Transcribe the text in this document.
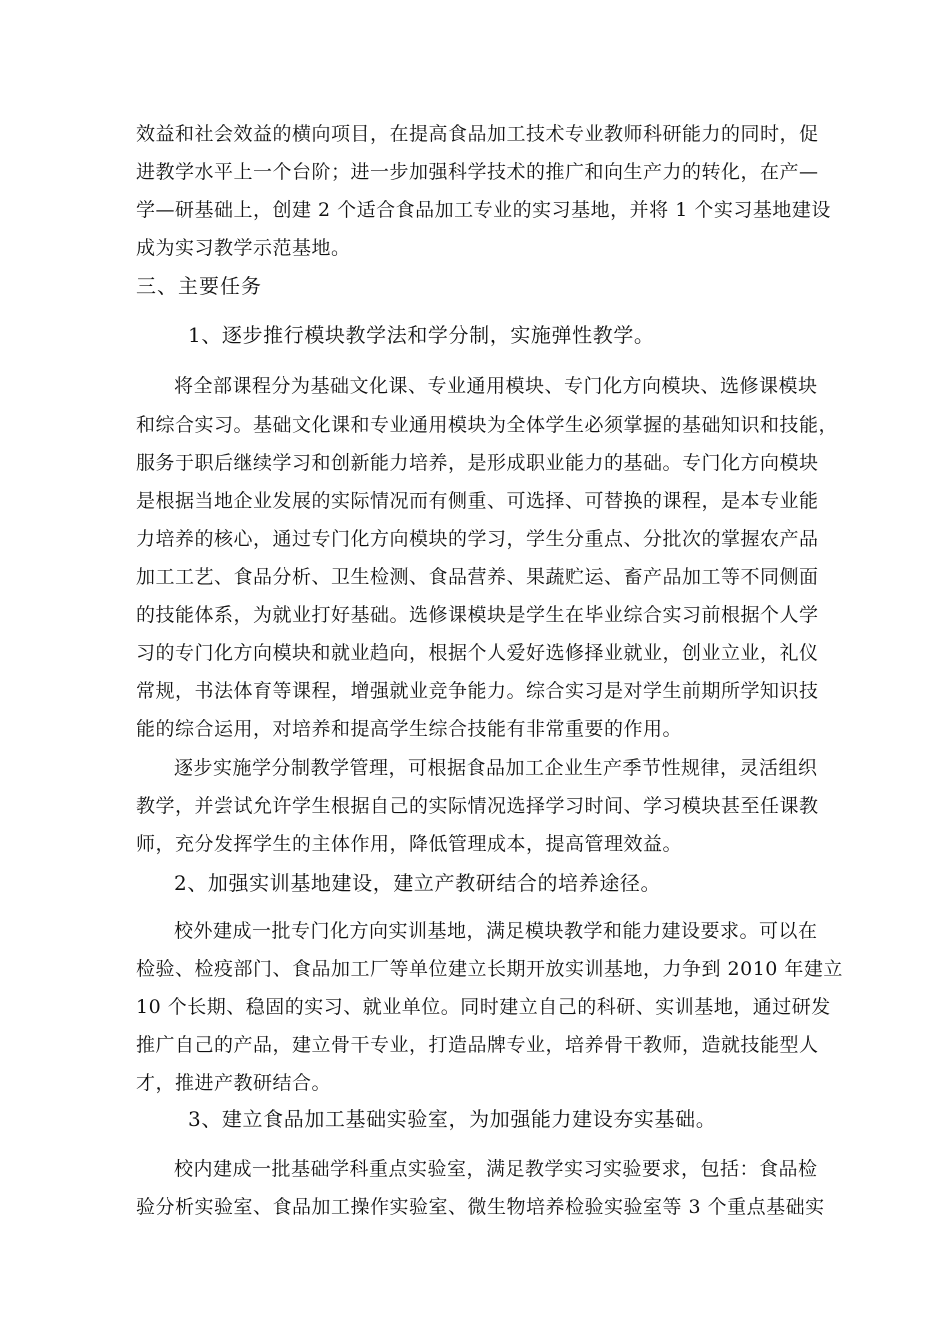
效益和社会效益的横向项目，在提高食品加工技术专业教师科研能力的同时，促
进教学水平上一个台阶；进一步加强科学技术的推广和向生产力的转化，在产—
学—研基础上，创建 2 个适合食品加工专业的实习基地，并将 1 个实习基地建设
成为实习教学示范基地。
三、主要任务
1、逐步推行模块教学法和学分制，实施弹性教学。
将全部课程分为基础文化课、专业通用模块、专门化方向模块、选修课模块
和综合实习。基础文化课和专业通用模块为全体学生必须掌握的基础知识和技能，
服务于职后继续学习和创新能力培养，是形成职业能力的基础。专门化方向模块
是根据当地企业发展的实际情况而有侧重、可选择、可替换的课程，是本专业能
力培养的核心，通过专门化方向模块的学习，学生分重点、分批次的掌握农产品
加工工艺、食品分析、卫生检测、食品营养、果蔬贮运、畜产品加工等不同侧面
的技能体系，为就业打好基础。选修课模块是学生在毕业综合实习前根据个人学
习的专门化方向模块和就业趋向，根据个人爱好选修择业就业，创业立业，礼仪
常规，书法体育等课程，增强就业竞争能力。综合实习是对学生前期所学知识技
能的综合运用，对培养和提高学生综合技能有非常重要的作用。
逐步实施学分制教学管理，可根据食品加工企业生产季节性规律，灵活组织
教学，并尝试允许学生根据自己的实际情况选择学习时间、学习模块甚至任课教
师，充分发挥学生的主体作用，降低管理成本，提高管理效益。
2、加强实训基地建设，建立产教研结合的培养途径。
校外建成一批专门化方向实训基地，满足模块教学和能力建设要求。可以在
检验、检疫部门、食品加工厂等单位建立长期开放实训基地，力争到 2010 年建立
10 个长期、稳固的实习、就业单位。同时建立自己的科研、实训基地，通过研发
推广自己的产品，建立骨干专业，打造品牌专业，培养骨干教师，造就技能型人
才，推进产教研结合。
3、建立食品加工基础实验室，为加强能力建设夯实基础。
校内建成一批基础学科重点实验室，满足教学实习实验要求，包括：食品检
验分析实验室、食品加工操作实验室、微生物培养检验实验室等 3 个重点基础实
